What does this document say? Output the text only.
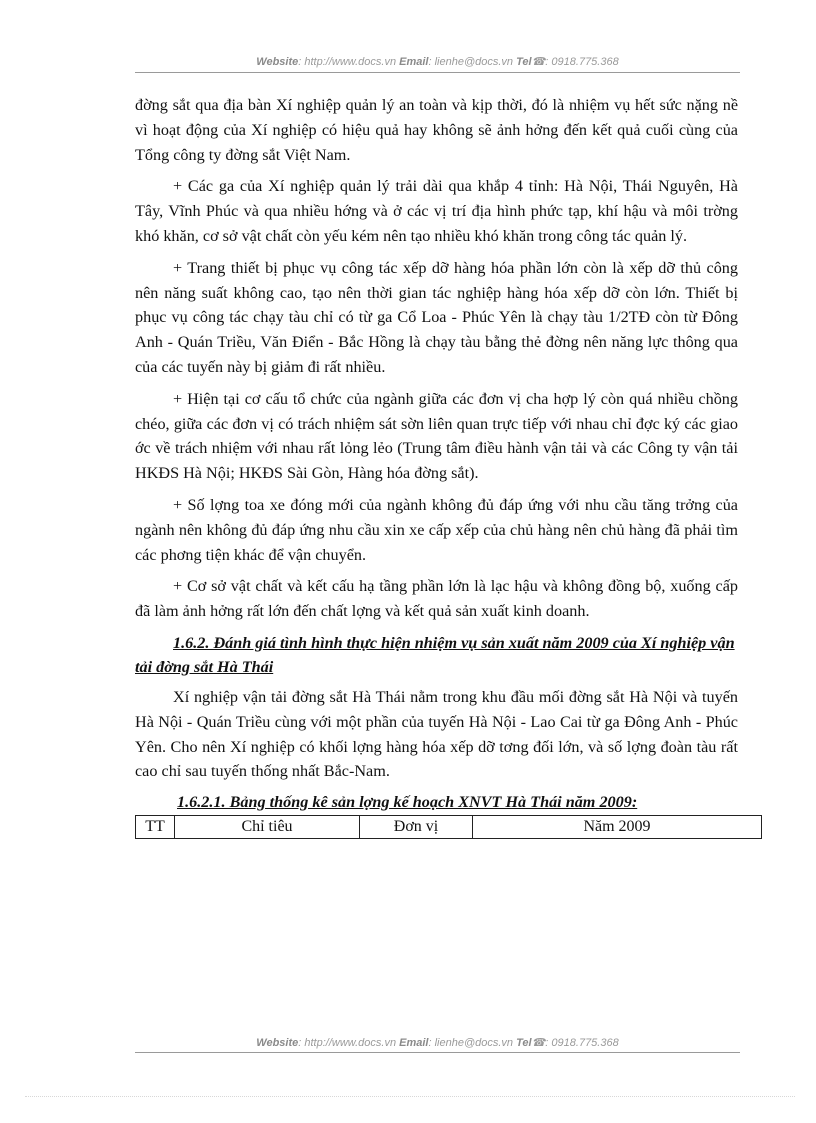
Website: http://www.docs.vn Email: lienhe@docs.vn Tel☎: 0918.775.368

đờng sắt qua địa bàn Xí nghiệp quản lý an toàn và kịp thời, đó là nhiệm vụ hết sức nặng nề vì hoạt động của Xí nghiệp có hiệu quả hay không sẽ ảnh hởng đến kết quả cuối cùng của Tổng công ty đờng sắt Việt Nam.

+ Các ga của Xí nghiệp quản lý trải dài qua khắp 4 tỉnh: Hà Nội, Thái Nguyên, Hà Tây, Vĩnh Phúc và qua nhiều hớng và ở các vị trí địa hình phức tạp, khí hậu và môi trờng khó khăn, cơ sở vật chất còn yếu kém nên tạo nhiều khó khăn trong công tác quản lý.

+ Trang thiết bị phục vụ công tác xếp dỡ hàng hóa phần lớn còn là xếp dỡ thủ công nên năng suất không cao, tạo nên thời gian tác nghiệp hàng hóa xếp dỡ còn lớn. Thiết bị phục vụ công tác chạy tàu chỉ có từ ga Cổ Loa - Phúc Yên là chạy tàu 1/2TĐ còn từ Đông Anh - Quán Triều, Văn Điển - Bắc Hồng là chạy tàu bằng thẻ đờng nên năng lực thông qua của các tuyến này bị giảm đi rất nhiều.

+ Hiện tại cơ cấu tổ chức của ngành giữa các đơn vị cha hợp lý còn quá nhiều chồng chéo, giữa các đơn vị có trách nhiệm sát sờn liên quan trực tiếp với nhau chỉ đợc ký các giao ớc về trách nhiệm với nhau rất lỏng lẻo (Trung tâm điều hành vận tải và các Công ty vận tải HKĐS Hà Nội; HKĐS Sài Gòn, Hàng hóa đờng sắt).

+ Số lợng toa xe đóng mới của ngành không đủ đáp ứng với nhu cầu tăng trởng của ngành nên không đủ đáp ứng nhu cầu xin xe cấp xếp của chủ hàng nên chủ hàng đã phải tìm các phơng tiện khác để vận chuyển.

+ Cơ sở vật chất và kết cấu hạ tầng phần lớn là lạc hậu và không đồng bộ, xuống cấp đã làm ảnh hởng rất lớn đến chất lợng và kết quả sản xuất kinh doanh.

1.6.2. Đánh giá tình hình thực hiện nhiệm vụ sản xuất năm 2009 của Xí nghiệp vận tải đờng sắt Hà Thái

Xí nghiệp vận tải đờng sắt Hà Thái nằm trong khu đầu mối đờng sắt Hà Nội và tuyến Hà Nội - Quán Triều cùng với một phần của tuyến Hà Nội - Lao Cai từ ga Đông Anh - Phúc Yên. Cho nên Xí nghiệp có khối lợng hàng hóa xếp dỡ tơng đối lớn, và số lợng đoàn tàu rất cao chỉ sau tuyến thống nhất Bắc-Nam.

1.6.2.1. Bảng thống kê sản lợng kế hoạch XNVT Hà Thái năm 2009:
TT	Chỉ tiêu	Đơn vị	Năm 2009
Website: http://www.docs.vn Email: lienhe@docs.vn Tel☎: 0918.775.368
